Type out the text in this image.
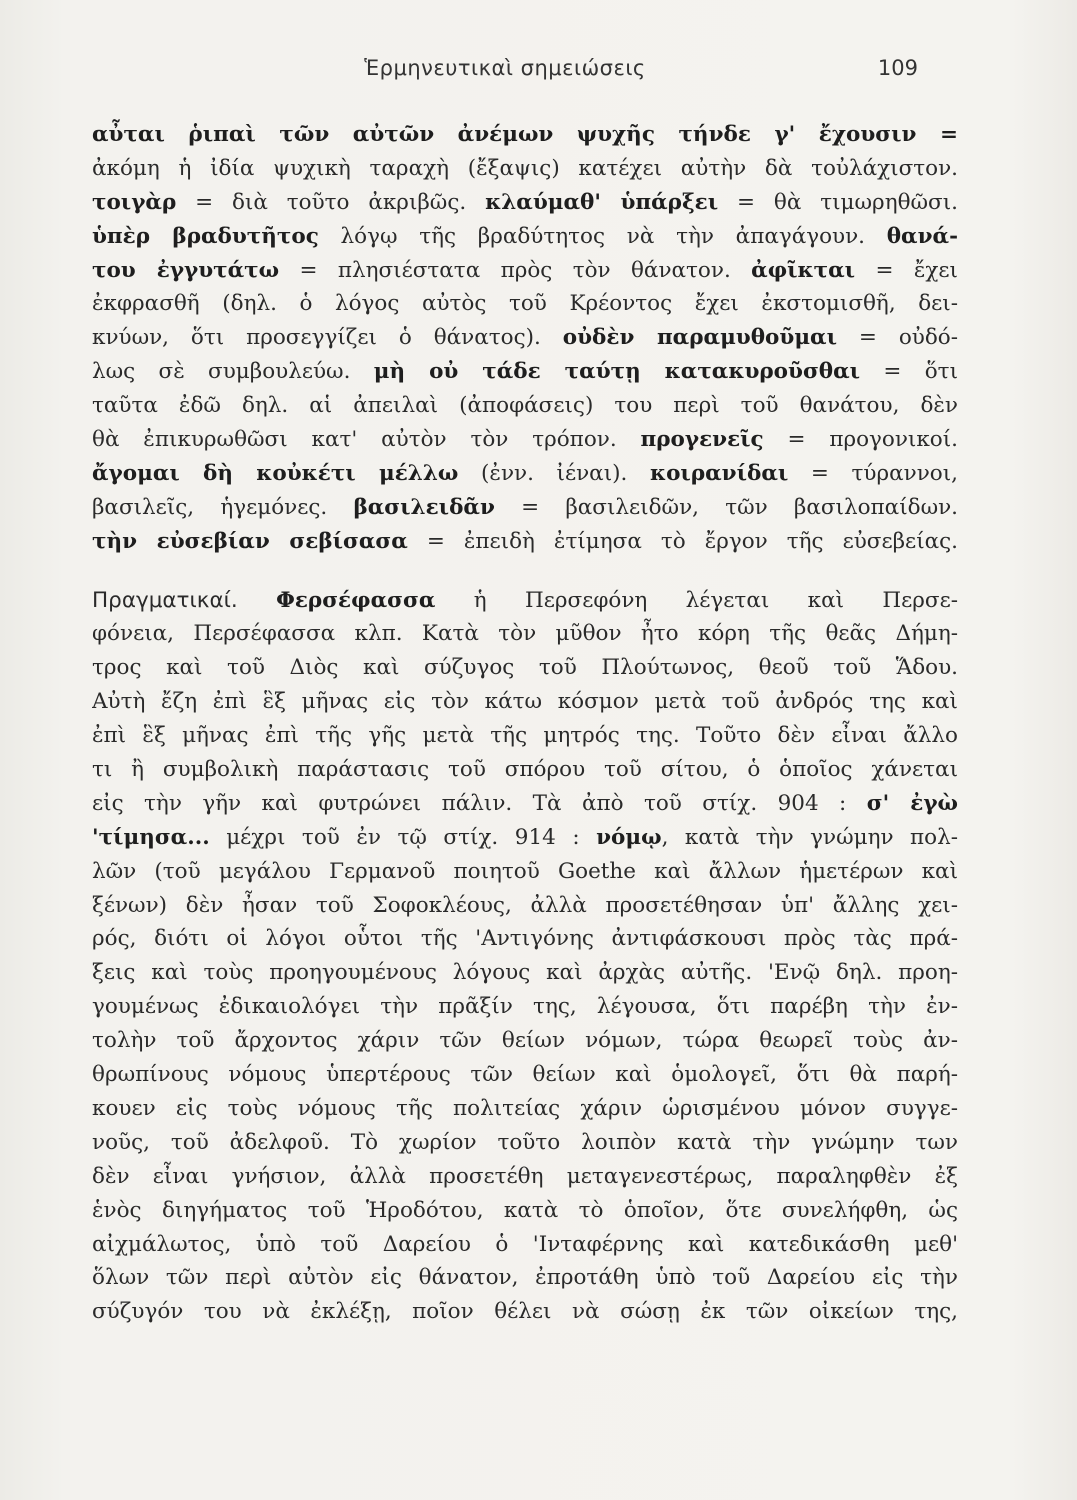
Ἑρμηνευτικαὶ σημειώσεις	109
αὖται ῥιπαὶ τῶν αὐτῶν ἀνέμων ψυχῆς τήνδε γ' ἔχουσιν =
ἀκόμη ἡ ἰδία ψυχικὴ ταραχὴ (ἔξαψις) κατέχει αὐτὴν δὰ τοὐλάχιστον.
τοιγὰρ = διὰ τοῦτο ἀκριβῶς. κλαύμαθ' ὑπάρξει = θὰ τιμωρηθῶσι.
ὑπὲρ βραδυτῆτος λόγῳ τῆς βραδύτητος νὰ τὴν ἀπαγάγουν. θανά-
του ἐγγυτάτω = πλησιέστατα πρὸς τὸν θάνατον. ἀφῖκται = ἔχει
ἐκφρασθῆ (δηλ. ὁ λόγος αὐτὸς τοῦ Κρέοντος ἔχει ἐκστομισθῆ, δει-
κνύων, ὅτι προσεγγίζει ὁ θάνατος). οὐδὲν παραμυθοῦμαι = οὐδό-
λως σὲ συμβουλεύω. μὴ οὐ τάδε ταύτῃ κατακυροῦσθαι = ὅτι
ταῦτα ἐδῶ δηλ. αἱ ἀπειλαὶ (ἀποφάσεις) του περὶ τοῦ θανάτου, δὲν
θὰ ἐπικυρωθῶσι κατ' αὐτὸν τὸν τρόπον. προγενεῖς = προγονικοί.
ἄγομαι δὴ κοὐκέτι μέλλω (ἐνν. ἰέναι). κοιρανίδαι = τύραννοι,
βασιλεῖς, ἡγεμόνες. βασιλειδᾶν = βασιλειδῶν, τῶν βασιλοπαίδων.
τὴν εὐσεβίαν σεβίσασα = ἐπειδὴ ἐτίμησα τὸ ἔργον τῆς εὐσεβείας.
Πραγματικαί. Φερσέφασσα ἡ Περσεφόνη λέγεται καὶ Περσε-
φόνεια, Περσέφασσα κλπ. Κατὰ τὸν μῦθον ἦτο κόρη τῆς θεᾶς Δήμη-
τρος καὶ τοῦ Διὸς καὶ σύζυγος τοῦ Πλούτωνος, θεοῦ τοῦ Ἅδου.
Αὐτὴ ἔζη ἐπὶ ἓξ μῆνας εἰς τὸν κάτω κόσμον μετὰ τοῦ ἀνδρός της καὶ
ἐπὶ ἓξ μῆνας ἐπὶ τῆς γῆς μετὰ τῆς μητρός της. Τοῦτο δὲν εἶναι ἄλλο
τι ἢ συμβολικὴ παράστασις τοῦ σπόρου τοῦ σίτου, ὁ ὁποῖος χάνεται
εἰς τὴν γῆν καὶ φυτρώνει πάλιν. Τὰ ἀπὸ τοῦ στίχ. 904 : σ' ἐγὼ
'τίμησα... μέχρι τοῦ ἐν τῷ στίχ. 914 : νόμῳ, κατὰ τὴν γνώμην πολ-
λῶν (τοῦ μεγάλου Γερμανοῦ ποιητοῦ Goethe καὶ ἄλλων ἡμετέρων καὶ
ξένων) δὲν ἦσαν τοῦ Σοφοκλέους, ἀλλὰ προσετέθησαν ὑπ' ἄλλης χει-
ρός, διότι οἱ λόγοι οὗτοι τῆς 'Αντιγόνης ἀντιφάσκουσι πρὸς τὰς πρά-
ξεις καὶ τοὺς προηγουμένους λόγους καὶ ἀρχὰς αὐτῆς. 'Ενῷ δηλ. προη-
γουμένως ἐδικαιολόγει τὴν πρᾶξίν της, λέγουσα, ὅτι παρέβη τὴν ἐν-
τολὴν τοῦ ἄρχοντος χάριν τῶν θείων νόμων, τώρα θεωρεῖ τοὺς ἀν-
θρωπίνους νόμους ὑπερτέρους τῶν θείων καὶ ὁμολογεῖ, ὅτι θὰ παρή-
κουεν εἰς τοὺς νόμους τῆς πολιτείας χάριν ὡρισμένου μόνον συγγε-
νοῦς, τοῦ ἀδελφοῦ. Τὸ χωρίον τοῦτο λοιπὸν κατὰ τὴν γνώμην των
δὲν εἶναι γνήσιον, ἀλλὰ προσετέθη μεταγενεστέρως, παραληφθὲν ἐξ
ἑνὸς διηγήματος τοῦ Ἡροδότου, κατὰ τὸ ὁποῖον, ὅτε συνελήφθη, ὡς
αἰχμάλωτος, ὑπὸ τοῦ Δαρείου ὁ 'Ινταφέρνης καὶ κατεδικάσθη μεθ'
ὅλων τῶν περὶ αὐτὸν εἰς θάνατον, ἐπροτάθη ὑπὸ τοῦ Δαρείου εἰς τὴν
σύζυγόν του νὰ ἐκλέξῃ, ποῖον θέλει νὰ σώσῃ ἐκ τῶν οἰκείων της,
